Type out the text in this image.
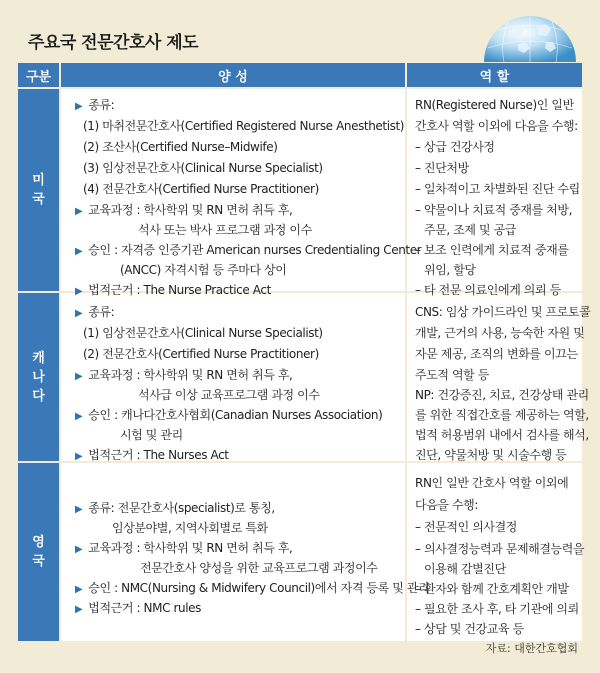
주요국 전문간호사 제도
구분	양 성	역 할
미
국
캐
나
다
영
국
▶ 종류:
(1) 마취전문간호사(Certified Registered Nurse Anesthetist)
(2) 조산사(Certified Nurse–Midwife)
(3) 임상전문간호사(Clinical Nurse Specialist)
(4) 전문간호사(Certified Nurse Practitioner)
▶ 교육과정 : 학사학위 및 RN 면허 취득 후,
석사 또는 박사 프로그램 과정 이수
▶ 승인 : 자격증 인증기관 American nurses Credentialing Center
(ANCC) 자격시험 등 주마다 상이
▶ 법적근거 : The Nurse Practice Act
RN(Registered Nurse)인 일반
간호사 역할 이외에 다음을 수행:
– 상급 건강사정
– 진단처방
– 일차적이고 차별화된 진단 수립
– 약물이나 치료적 중재를 처방,
주문, 조제 및 공급
– 보조 인력에게 치료적 중재를
위임, 할당
– 타 전문 의료인에게 의뢰 등
▶ 종류:
(1) 임상전문간호사(Clinical Nurse Specialist)
(2) 전문간호사(Certified Nurse Practitioner)
▶ 교육과정 : 학사학위 및 RN 면허 취득 후,
석사급 이상 교육프로그램 과정 이수
▶ 승인 : 캐나다간호사협회(Canadian Nurses Association)
시험 및 관리
▶ 법적근거 : The Nurses Act
CNS: 임상 가이드라인 및 프로토콜
개발, 근거의 사용, 능숙한 자원 및
자문 제공, 조직의 변화를 이끄는
주도적 역할 등
NP: 건강증진, 치료, 건강상태 관리
를 위한 직접간호를 제공하는 역할,
법적 허용범위 내에서 검사를 해석,
진단, 약물처방 및 시술수행 등
▶ 종류: 전문간호사(specialist)로 통칭,
임상분야별, 지역사회별로 특화
▶ 교육과정 : 학사학위 및 RN 면허 취득 후,
전문간호사 양성을 위한 교육프로그램 과정이수
▶ 승인 : NMC(Nursing & Midwifery Council)에서 자격 등록 및 관리
▶ 법적근거 : NMC rules
RN인 일반 간호사 역할 이외에
다음을 수행:
– 전문적인 의사결정
– 의사결정능력과 문제해결능력을
이용해 감별진단
– 환자와 함께 간호계획안 개발
– 필요한 조사 후, 타 기관에 의뢰
– 상담 및 건강교육 등
자료: 대한간호협회
